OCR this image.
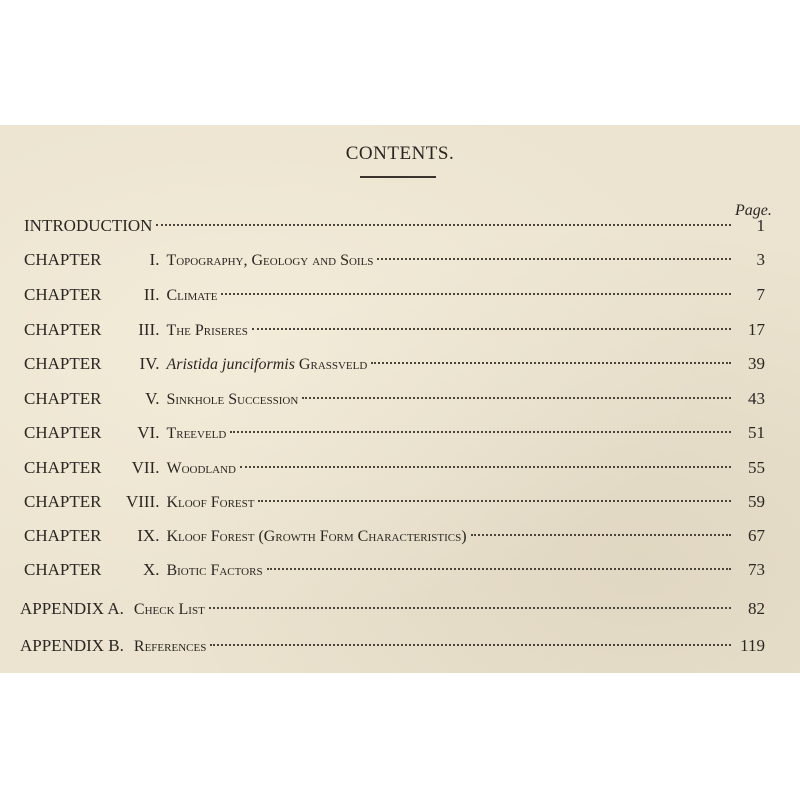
CONTENTS.
Page.
INTRODUCTION	1
CHAPTER	I. Topography, Geology and Soils	3
CHAPTER	II. Climate	7
CHAPTER	III. The Priseres	17
CHAPTER	IV. Aristida junciformis Grassveld	39
CHAPTER	V. Sinkhole Succession	43
CHAPTER	VI. Treeveld	51
CHAPTER	VII. Woodland	55
CHAPTER	VIII. Kloof Forest	59
CHAPTER	IX. Kloof Forest (Growth Form Characteristics)	67
CHAPTER	X. Biotic Factors	73
APPENDIX A. Check List	82
APPENDIX B. References	119
